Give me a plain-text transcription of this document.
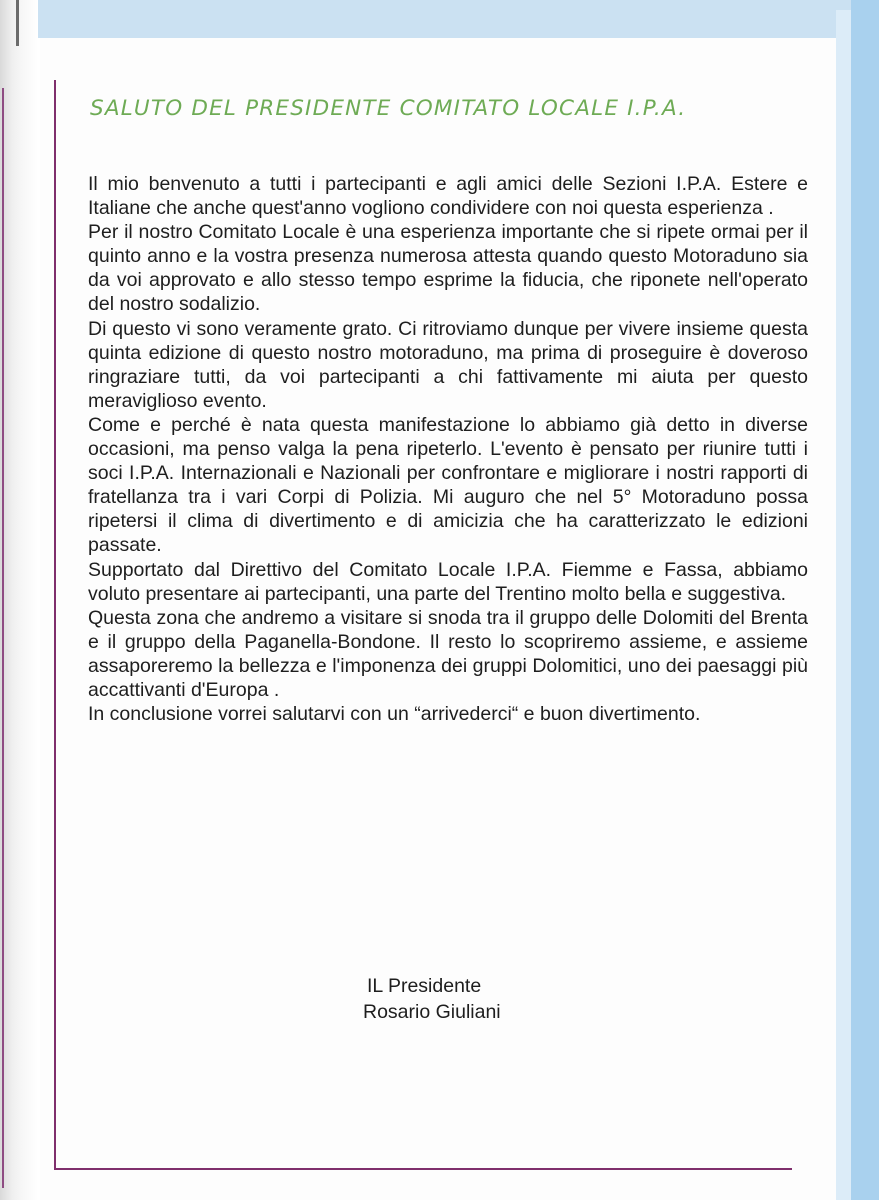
SALUTO DEL PRESIDENTE COMITATO LOCALE I.P.A.

Il mio benvenuto a tutti i partecipanti e agli amici delle Sezioni I.P.A. Estere e Italiane che anche quest'anno vogliono condividere con noi questa esperienza .

Per il nostro Comitato Locale è una esperienza importante che si ripete ormai per il quinto anno e la vostra presenza numerosa attesta quando questo Motoraduno sia da voi approvato e allo stesso tempo esprime la fiducia, che riponete nell'operato del nostro sodalizio.

Di questo vi sono veramente grato. Ci ritroviamo dunque per vivere insieme questa quinta edizione di questo nostro motoraduno, ma prima di proseguire è doveroso ringraziare tutti, da voi partecipanti a chi fattivamente mi aiuta per questo meraviglioso evento.

Come e perché è nata questa manifestazione lo abbiamo già detto in diverse occasioni, ma penso valga la pena ripeterlo. L'evento è pensato per riunire tutti i soci I.P.A. Internazionali e Nazionali per confrontare e migliorare i nostri rapporti di fratellanza tra i vari Corpi di Polizia. Mi auguro che nel 5° Motoraduno possa ripetersi il clima di divertimento e di amicizia che ha caratterizzato le edizioni passate.

Supportato dal Direttivo del Comitato Locale I.P.A. Fiemme e Fassa, abbiamo voluto presentare ai partecipanti, una parte del Trentino molto bella e suggestiva.

Questa zona che andremo a visitare si snoda tra il gruppo delle Dolomiti del Brenta e il gruppo della Paganella-Bondone. Il resto lo scopriremo assieme, e assieme assaporeremo la bellezza e l'imponenza dei gruppi Dolomitici, uno dei paesaggi più accattivanti d'Europa .

In conclusione vorrei salutarvi con un “arrivederci“ e buon divertimento.

IL Presidente
Rosario Giuliani
